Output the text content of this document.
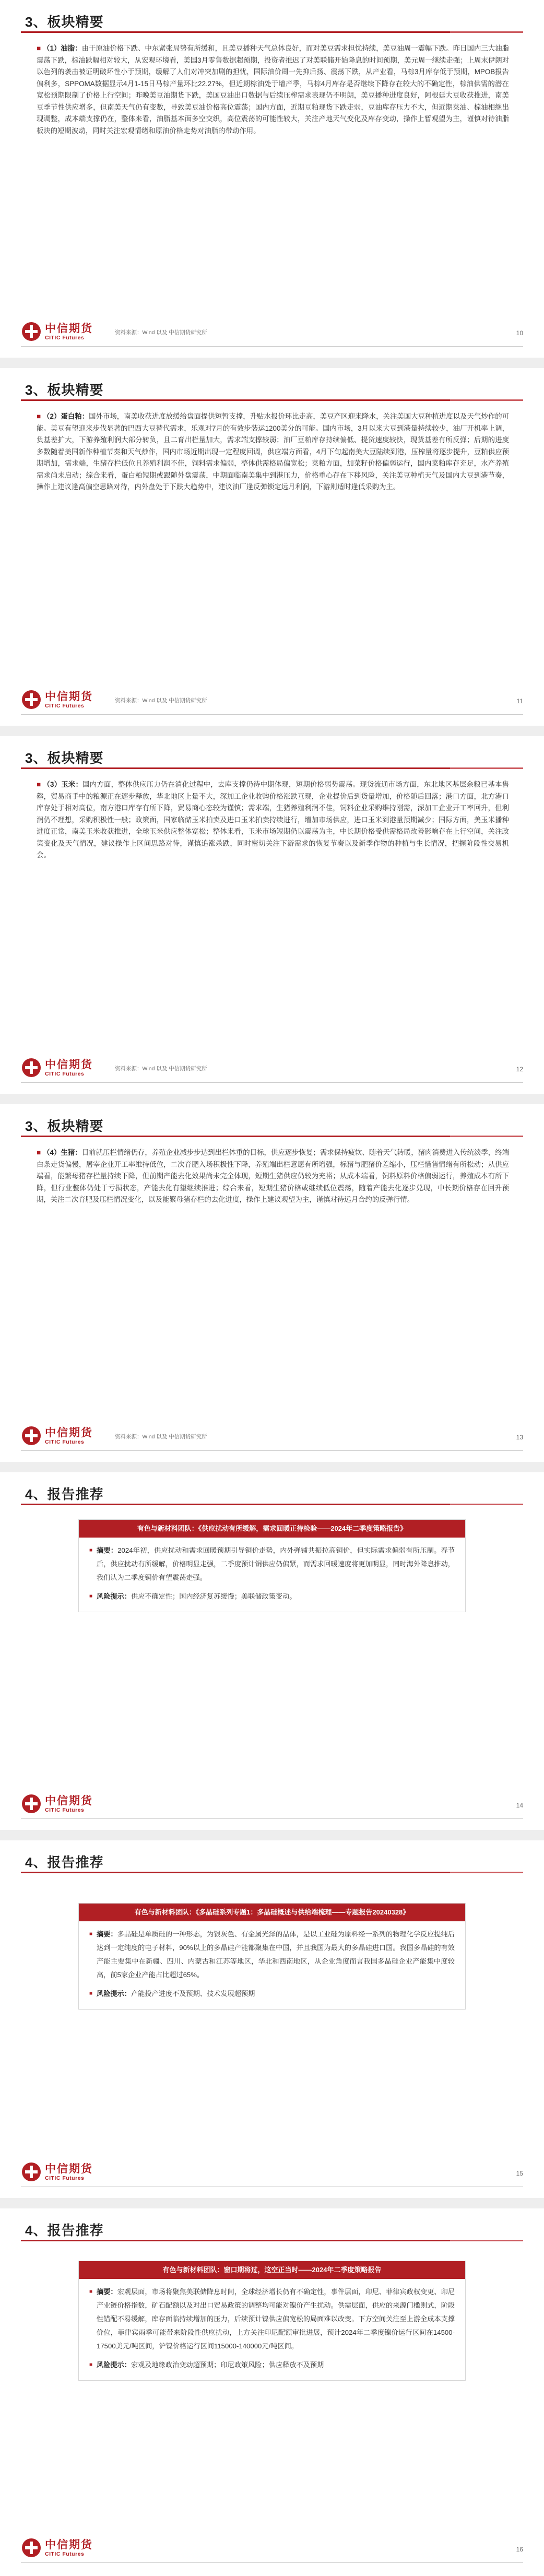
3、板块精要
■ （1）油脂：由于原油价格下跌、中东紧张局势有所缓和，且美豆播种天气总体良好，而对美豆需求担忧持续，美豆油周一震幅下跌。昨日国内三大油脂震荡下跌，棕油跌幅相对较大，从宏观环境看，美国3月零售数据超预期，投资者推迟了对美联储开始降息的时间预期，美元周一继续走强；上周末伊朗对以色列的袭击被证明破坏性小于预期，缓解了人们对冲突加剧的担忧，国际油价周一先抑后扬、震荡下跌，从产业看，马棕3月库存低于预期，MPOB报告偏利多，SPPOMA数据显示4月1-15日马棕产量环比22.27%，但近期棕油处于增产季，马棕4月库存是否继续下降存在较大的不确定性，棕油供需的潜在宽松预期限制了价格上行空间；昨晚美豆油期货下跌，美国豆油出口数据与后续压榨需求表现仍不明朗，美豆播种进度良好，阿根廷大豆收获推进，南美豆季节性供应增多，但南美天气仍有变数，导致美豆油价格高位震荡；国内方面，近期豆粕现货下跌走弱，豆油库存压力不大，但近期菜油、棕油相继出现调整，成本端支撑仍在，整体来看，油脂基本面多空交织，高位震荡的可能性较大，关注产地天气变化及库存变动，操作上暂观望为主，谨慎对待油脂板块的短期波动，同时关注宏观情绪和原油价格走势对油脂的带动作用。
中信期货
CITIC Futures
资料来源：Wind 以及 中信期货研究所	10
3、板块精要
■ （2）蛋白粕：国外市场，南美收获进度放缓给盘面提供短暂支撑，升贴水报价环比走高，美豆产区迎来降水，关注美国大豆种植进度以及天气炒作的可能。美豆有望迎来步伐显著的巴西大豆替代需求，乐观对7月的有效步装运1200美分的可能。国内市场，3月以来大豆到港量持续较少，油厂开机率上调，负基差扩大，下游养殖利润大部分转负，且二育出栏量加大，需求端支撑较弱；油厂豆粕库存持续偏低、提货速度较快，现货基差有所反弹；后期的进度多数随着美国新作种植节奏和天气炒作，国内市场近期出现一定程度回调，供应端方面看，4月下旬起南美大豆陆续到港，压榨量将逐步提升，豆粕供应预期增加，需求端，生猪存栏低位且养殖利润不佳，饲料需求偏弱，整体供需格局偏宽松；菜粕方面，加菜籽价格偏弱运行，国内菜粕库存充足，水产养殖需求尚未启动；综合来看，蛋白粕短期或跟随外盘震荡，中期面临南美集中到港压力，价格重心存在下移风险，关注美豆种植天气及国内大豆到港节奏，操作上建议逢高偏空思路对待，内外盘处于下跌大趋势中，建议油厂逢反弹锁定远月利润，下游则适时逢低采购为主。
中信期货
CITIC Futures
资料来源：Wind 以及 中信期货研究所	11
3、板块精要
■ （3）玉米：国内方面，整体供应压力仍在消化过程中，去库支撑仍待中期体现，短期价格弱势震荡。现货流通市场方面，东北地区基层余粮已基本售罄，贸易商手中的粮源正在逐步释放，华北地区上量不大，深加工企业收购价格涨跌互现，企业提价后到货量增加，价格随后回落；港口方面，北方港口库存处于相对高位，南方港口库存有所下降，贸易商心态较为谨慎；需求端，生猪养殖利润不佳，饲料企业采购维持刚需，深加工企业开工率回升，但利润仍不理想，采购积极性一般；政策面，国家临储玉米拍卖及进口玉米拍卖持续进行，增加市场供应，进口玉米到港量预期减少；国际方面，美玉米播种进度正常，南美玉米收获推进，全球玉米供应整体宽松；整体来看，玉米市场短期仍以震荡为主，中长期价格受供需格局改善影响存在上行空间，关注政策变化及天气情况，建议操作上区间思路对待，谨慎追涨杀跌，同时密切关注下游需求的恢复节奏以及新季作物的种植与生长情况，把握阶段性交易机会。
中信期货
CITIC Futures
资料来源：Wind 以及 中信期货研究所	12
3、板块精要
■ （4）生猪：目前就压栏情绪仍存，养殖企业减步步达到出栏体重的目标，供应逐步恢复；需求保持疲软、随着天气转暖，猪肉消费进入传统淡季，终端白条走货偏慢，屠宰企业开工率维持低位，二次育肥入场积极性下降，养殖端出栏意愿有所增强，标猪与肥猪价差缩小，压栏惜售情绪有所松动；从供应端看，能繁母猪存栏量持续下降，但前期产能去化效果尚未完全体现，短期生猪供应仍较为充裕；从成本端看，饲料原料价格偏弱运行，养殖成本有所下降，但行业整体仍处于亏损状态，产能去化有望继续推进；综合来看，短期生猪价格或继续低位震荡，随着产能去化逐步兑现，中长期价格存在回升预期，关注二次育肥及压栏情况变化，以及能繁母猪存栏的去化进度，操作上建议观望为主，谨慎对待远月合约的反弹行情。
中信期货
CITIC Futures
资料来源：Wind 以及 中信期货研究所	13
4、报告推荐
有色与新材料团队：《供应扰动有所缓解，需求回暖正待检验——2024年二季度策略报告》
■ 摘要：2024年初，供应扰动和需求回暖预期引导铜价走势，内外弹铺共振拉高铜价，但实际需求偏弱有所压制。春节后，供应扰动有所缓解，价格明显走强，二季度预计铜供应仍偏紧，而需求回暖速度将更加明显，同时海外降息推动，我们认为二季度铜价有望震荡走强。
■ 风险提示：供应不确定性；国内经济复苏缓慢；美联储政策变动。
中信期货
CITIC Futures
14
4、报告推荐
有色与新材料团队：《多晶硅系列专题1：多晶硅概述与供给端梳理——专题报告20240328》
■ 摘要：多晶硅是单质硅的一种形态，为银灰色、有金属光泽的晶体，是以工业硅为原料经一系列的物理化学反应提纯后达到一定纯度的电子材料，90%以上的多晶硅产能都聚集在中国，并且我国为最大的多晶硅进口国。我国多晶硅的有效产能主要集中在新疆、四川、内蒙古和江苏等地区，华北和西南地区，从企业角度而言我国多晶硅企业产能集中度较高，前5家企业产能占比超过65%。
■ 风险提示：产能投产进度不及预期、技术发展超预期
中信期货
CITIC Futures
15
4、报告推荐
有色与新材料团队：窗口期将过，这空正当时——2024年二季度策略报告
■ 摘要：宏观层面，市场将聚焦美联储降息时间，全球经济增长仍有不确定性，事件层面，印尼、菲律宾政权变更、印尼产业链价格指数，矿石配额以及对出口贸易政策的调整均可能对镍价产生扰动。供需层面，供应的来源门槛则式，阶段性错配不易缓解，库存面临持续增加的压力，后续预计镍供应偏宽松的局面难以改变。下方空间关注至上游全成本支撑价位，菲律宾雨季可能带来阶段性供应扰动，上方关注印尼配额审批进展，预计2024年二季度镍价运行区间在14500-17500美元/吨区间，沪镍价格运行区间115000-140000元/吨区间。
■ 风险提示：宏观及地缘政治变动超预期；印尼政策风险；供应释放不及预期
中信期货
CITIC Futures
16
